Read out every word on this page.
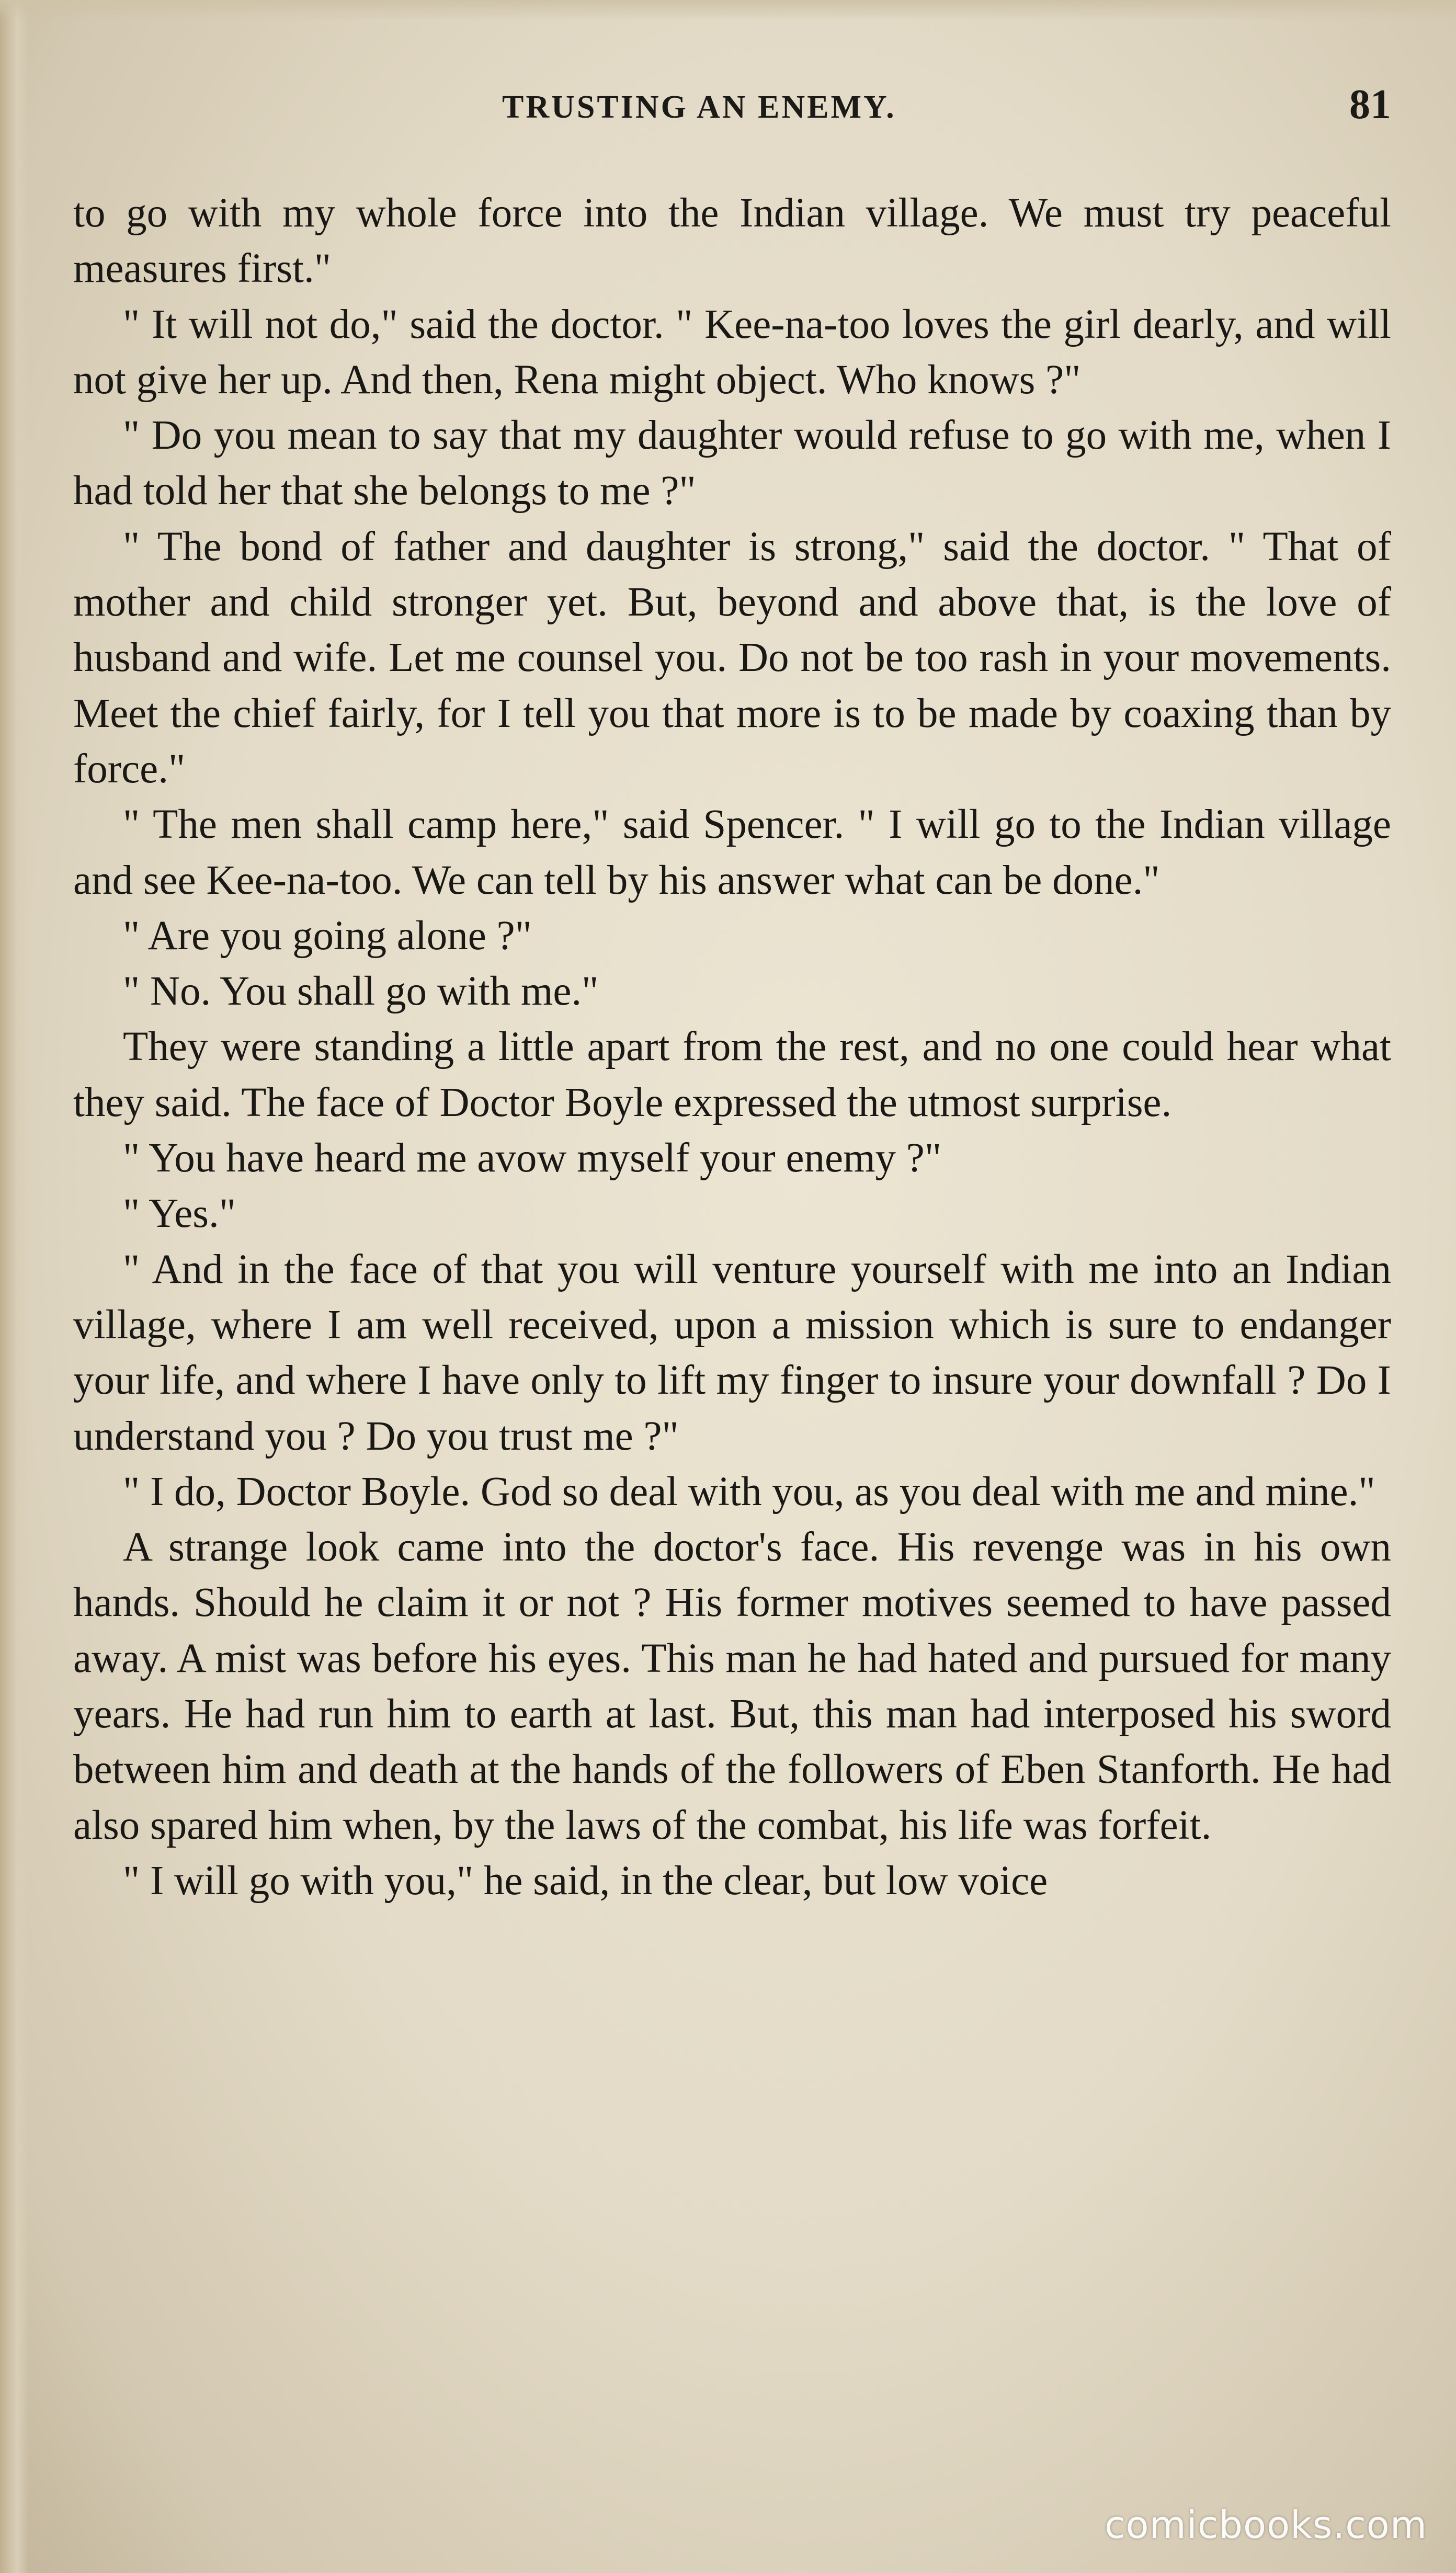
TRUSTING AN ENEMY.	81

to go with my whole force into the Indian village. We must try peaceful measures first."

" It will not do," said the doctor. " Kee-na-too loves the girl dearly, and will not give her up. And then, Rena might object. Who knows ?"

" Do you mean to say that my daughter would refuse to go with me, when I had told her that she belongs to me ?"

" The bond of father and daughter is strong," said the doctor. " That of mother and child stronger yet. But, beyond and above that, is the love of husband and wife. Let me counsel you. Do not be too rash in your movements. Meet the chief fairly, for I tell you that more is to be made by coaxing than by force."

" The men shall camp here," said Spencer. " I will go to the Indian village and see Kee-na-too. We can tell by his answer what can be done."

" Are you going alone ?"

" No. You shall go with me."

They were standing a little apart from the rest, and no one could hear what they said. The face of Doctor Boyle expressed the utmost surprise.

" You have heard me avow myself your enemy ?"

" Yes."

" And in the face of that you will venture yourself with me into an Indian village, where I am well received, upon a mission which is sure to endanger your life, and where I have only to lift my finger to insure your downfall ? Do I understand you ? Do you trust me ?"

" I do, Doctor Boyle. God so deal with you, as you deal with me and mine."

A strange look came into the doctor's face. His revenge was in his own hands. Should he claim it or not ? His former motives seemed to have passed away. A mist was before his eyes. This man he had hated and pursued for many years. He had run him to earth at last. But, this man had interposed his sword between him and death at the hands of the followers of Eben Stanforth. He had also spared him when, by the laws of the combat, his life was forfeit.

" I will go with you," he said, in the clear, but low voice

comicbooks.com
